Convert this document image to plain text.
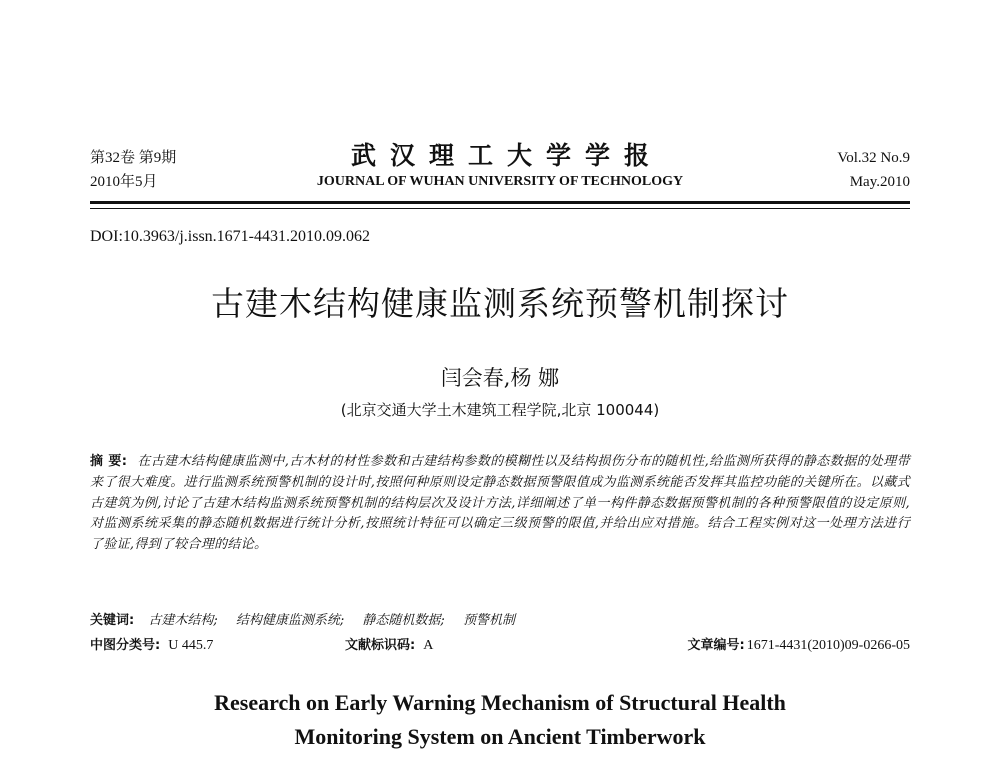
第32卷 第9期
2010年5月
武汉理工大学学报
JOURNAL OF WUHAN UNIVERSITY OF TECHNOLOGY
Vol.32 No.9
May.2010
DOI:10.3963/j.issn.1671-4431.2010.09.062
古建木结构健康监测系统预警机制探讨
闫会春,杨 娜
(北京交通大学土木建筑工程学院,北京 100044)
摘 要: 在古建木结构健康监测中,古木材的材性参数和古建结构参数的模糊性以及结构损伤分布的随机性,给监测所获得的静态数据的处理带来了很大难度。进行监测系统预警机制的设计时,按照何种原则设定静态数据预警限值成为监测系统能否发挥其监控功能的关键所在。以藏式古建筑为例,讨论了古建木结构监测系统预警机制的结构层次及设计方法,详细阐述了单一构件静态数据预警机制的各种预警限值的设定原则,对监测系统采集的静态随机数据进行统计分析,按照统计特征可以确定三级预警的限值,并给出应对措施。结合工程实例对这一处理方法进行了验证,得到了较合理的结论。
关键词: 古建木结构; 结构健康监测系统; 静态随机数据; 预警机制
中图分类号: U 445.7	文献标识码: A	文章编号: 1671-4431(2010)09-0266-05
Research on Early Warning Mechanism of Structural Health
Monitoring System on Ancient Timberwork
